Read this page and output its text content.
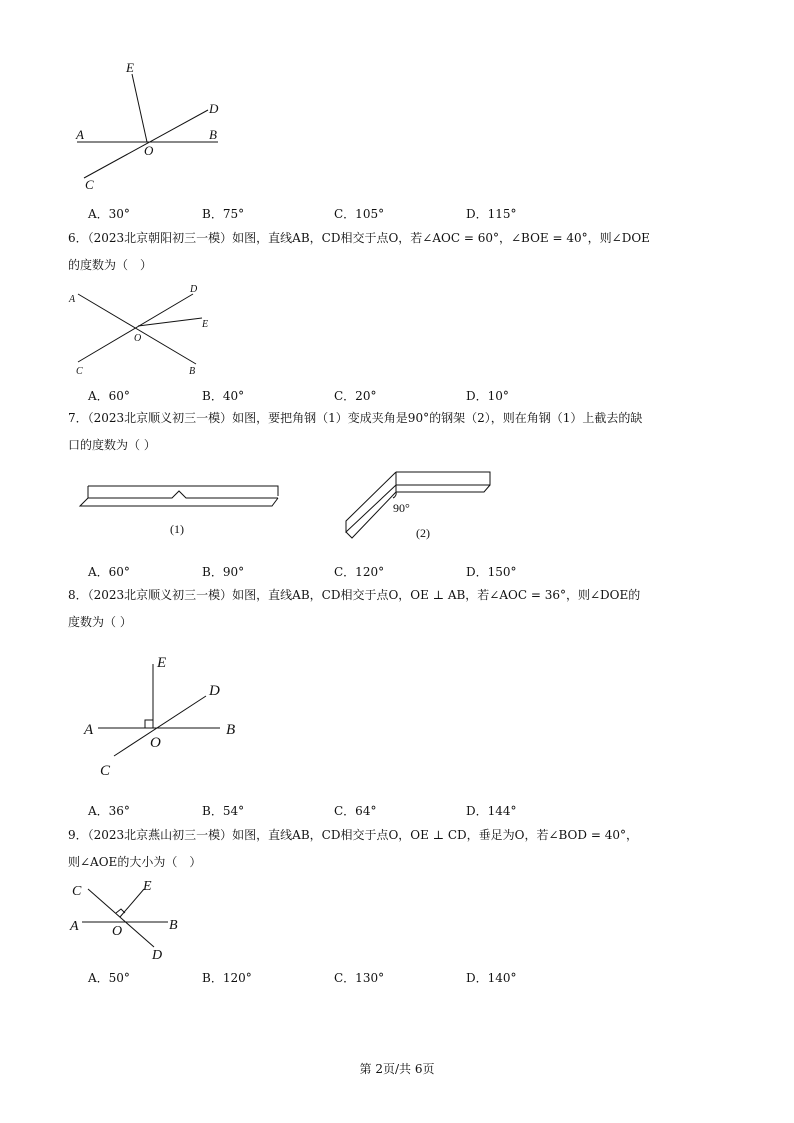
E
D
A	B
O
C
A．30°	B．75°	C．105°	D．115°

6．（2023北京朝阳初三一模）如图，直线AB，CD相交于点O，若∠AOC = 60°，∠BOE = 40°，则∠DOE

的度数为（　）

A
D
E
O
C	B
A．60°	B．40°	C．20°	D．10°

7．（2023北京顺义初三一模）如图，要把角钢（1）变成夹角是90°的钢架（2），则在角钢（1）上截去的缺

口的度数为（ ）

(1)
90°
(2)
A．60°	B．90°	C．120°	D．150°

8．（2023北京顺义初三一模）如图，直线AB，CD相交于点O，OE ⊥ AB，若∠AOC = 36°，则∠DOE的

度数为（ ）

E
D
A
O
B
C
A．36°	B．54°	C．64°	D．144°

9．（2023北京燕山初三一模）如图，直线AB，CD相交于点O，OE ⊥ CD，垂足为O，若∠BOD = 40°，

则∠AOE的大小为（　）

C	E
A O	B
D
A．50°	B．120°	C．130°	D．140°
第 2页/共 6页
